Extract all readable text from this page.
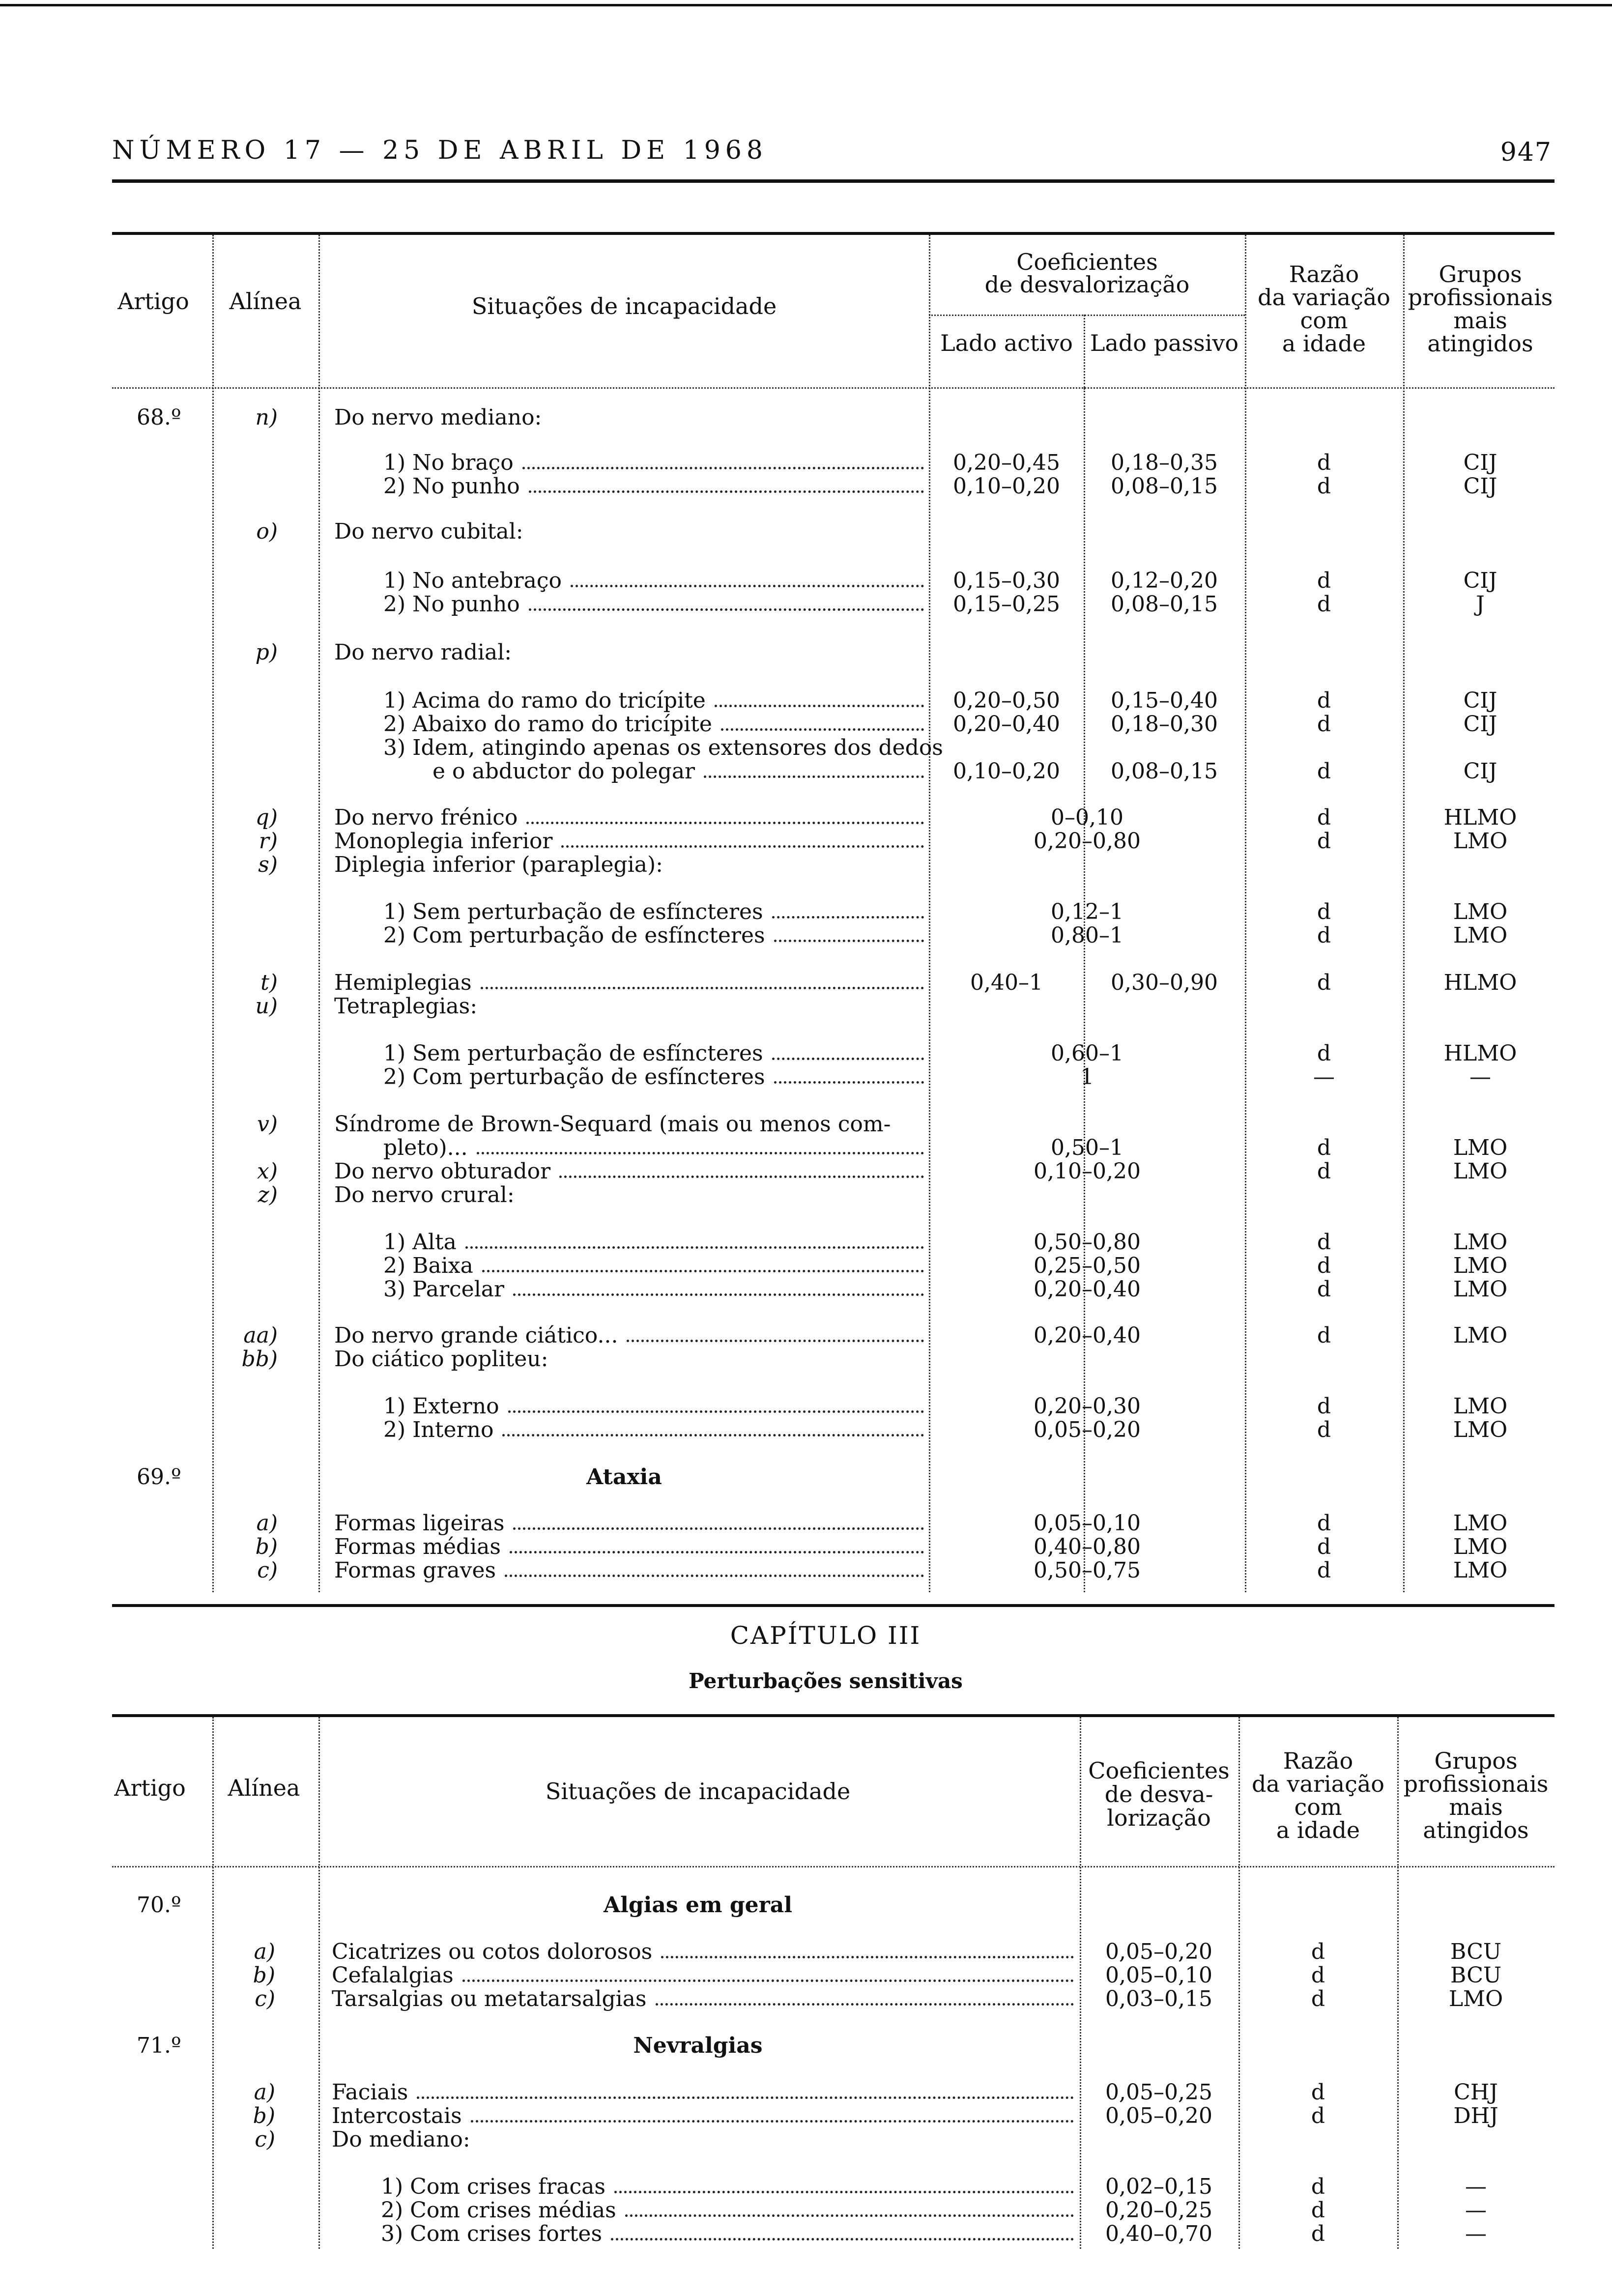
NÚMERO 17 — 25 DE ABRIL DE 1968	947
Artigo Alínea	Situações de incapacidade
Coeficientes
de desvalorização
Lado activo Lado passivo
Razão
da variação
com
a idade
Grupos
profissionais
mais
atingidos
68.º	n)	Do nervo mediano:
1) No braço	0,20–0,45 0,18–0,35	d	CIJ
2) No punho	0,10–0,20 0,08–0,15	d	CIJ
o)	Do nervo cubital:
1) No antebraço	0,15–0,30 0,12–0,20	d	CIJ
2) No punho	0,15–0,25 0,08–0,15	d	J
p)	Do nervo radial:
1) Acima do ramo do tricípite	0,20–0,50 0,15–0,40	d	CIJ
2) Abaixo do ramo do tricípite	0,20–0,40 0,18–0,30	d	CIJ
3) Idem, atingindo apenas os extensores dos dedos
e o abductor do polegar	0,10–0,20 0,08–0,15	d	CIJ
q)	Do nervo frénico	0–0,10	d	HLMO
r)	Monoplegia inferior	0,20–0,80	d	LMO
s)	Diplegia inferior (paraplegia):
1) Sem perturbação de esfíncteres	0,12–1	d	LMO
2) Com perturbação de esfíncteres	0,80–1	d	LMO
t)	Hemiplegias	0,40–1	0,30–0,90	d	HLMO
u)	Tetraplegias:
1) Sem perturbação de esfíncteres	0,60–1	d	HLMO
2) Com perturbação de esfíncteres	1	—	—
v)	Síndrome de Brown-Sequard (mais ou menos com-
pleto)...	0,50–1	d	LMO
x)	Do nervo obturador	0,10–0,20	d	LMO
z)	Do nervo crural:
1) Alta	0,50–0,80	d	LMO
2) Baixa	0,25–0,50	d	LMO
3) Parcelar	0,20–0,40	d	LMO
aa)	Do nervo grande ciático...	0,20–0,40	d	LMO
bb)	Do ciático popliteu:
1) Externo	0,20–0,30	d	LMO
2) Interno	0,05–0,20	d	LMO
69.º	Ataxia
a)	Formas ligeiras	0,05–0,10	d	LMO
b)	Formas médias	0,40–0,80	d	LMO
c)	Formas graves	0,50–0,75	d	LMO
CAPÍTULO III
Perturbações sensitivas
Artigo Alínea	Situações de incapacidade
Coeficientes
de desva-
lorização
Razão
da variação
com
a idade
Grupos
profissionais
mais
atingidos
70.º	Algias em geral
a)	Cicatrizes ou cotos dolorosos	0,05–0,20	d	BCU
b)	Cefalalgias	0,05–0,10	d	BCU
c)	Tarsalgias ou metatarsalgias	0,03–0,15	d	LMO
71.º	Nevralgias
a)	Faciais	0,05–0,25	d	CHJ
b)	Intercostais	0,05–0,20	d	DHJ
c)	Do mediano:
1) Com crises fracas	0,02–0,15	d	—
2) Com crises médias	0,20–0,25	d	—
3) Com crises fortes	0,40–0,70	d	—
